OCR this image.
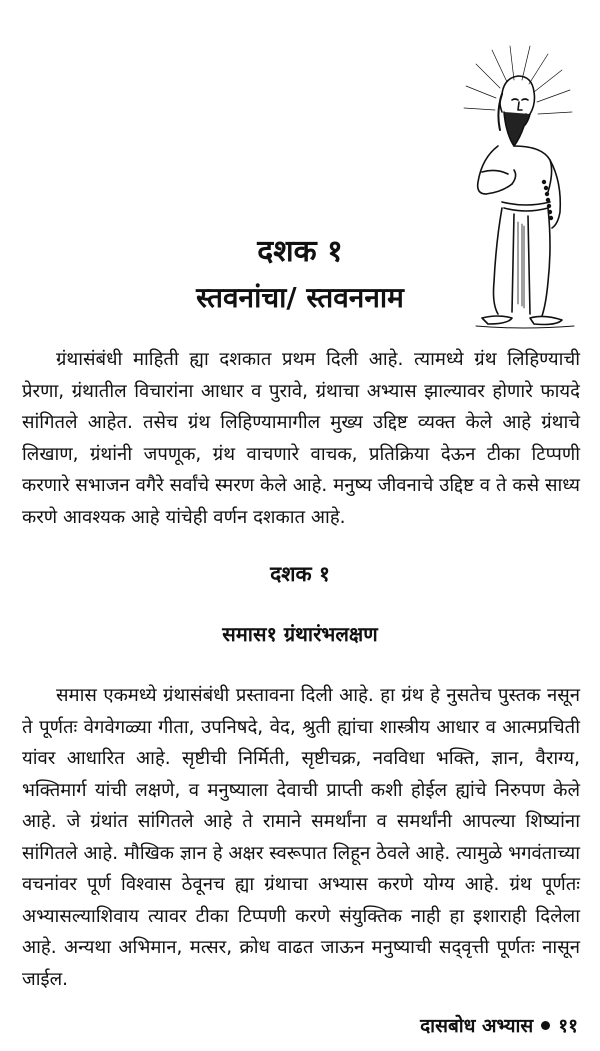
दशक १

स्तवनांचा/ स्तवननाम

ग्रंथासंबंधी माहिती ह्या दशकात प्रथम दिली आहे. त्यामध्ये ग्रंथ लिहिण्याची प्रेरणा, ग्रंथातील विचारांना आधार व पुरावे, ग्रंथाचा अभ्यास झाल्यावर होणारे फायदे सांगितले आहेत. तसेच ग्रंथ लिहिण्यामागील मुख्य उद्दिष्ट व्यक्त केले आहे ग्रंथाचे लिखाण, ग्रंथांनी जपणूक, ग्रंथ वाचणारे वाचक, प्रतिक्रिया देऊन टीका टिप्पणी करणारे सभाजन वगैरे सर्वांचे स्मरण केले आहे. मनुष्य जीवनाचे उद्दिष्ट व ते कसे साध्य करणे आवश्यक आहे यांचेही वर्णन दशकात आहे.

दशक १

समास१ ग्रंथारंभलक्षण

समास एकमध्ये ग्रंथासंबंधी प्रस्तावना दिली आहे. हा ग्रंथ हे नुसतेच पुस्तक नसून ते पूर्णतः वेगवेगळ्या गीता, उपनिषदे, वेद, श्रुती ह्यांचा शास्त्रीय आधार व आत्मप्रचिती यांवर आधारित आहे. सृष्टीची निर्मिती, सृष्टीचक्र, नवविधा भक्ति, ज्ञान, वैराग्य, भक्तिमार्ग यांची लक्षणे, व मनुष्याला देवाची प्राप्ती कशी होईल ह्यांचे निरुपण केले आहे. जे ग्रंथांत सांगितले आहे ते रामाने समर्थांना व समर्थांनी आपल्या शिष्यांना सांगितले आहे. मौखिक ज्ञान हे अक्षर स्वरूपात लिहून ठेवले आहे. त्यामुळे भगवंताच्या वचनांवर पूर्ण विश्वास ठेवूनच ह्या ग्रंथाचा अभ्यास करणे योग्य आहे. ग्रंथ पूर्णतः अभ्यासल्याशिवाय त्यावर टीका टिप्पणी करणे संयुक्तिक नाही हा इशाराही दिलेला आहे. अन्यथा अभिमान, मत्सर, क्रोध वाढत जाऊन मनुष्याची सद्‌वृत्ती पूर्णतः नासून जाईल.

दासबोध अभ्यास ११
